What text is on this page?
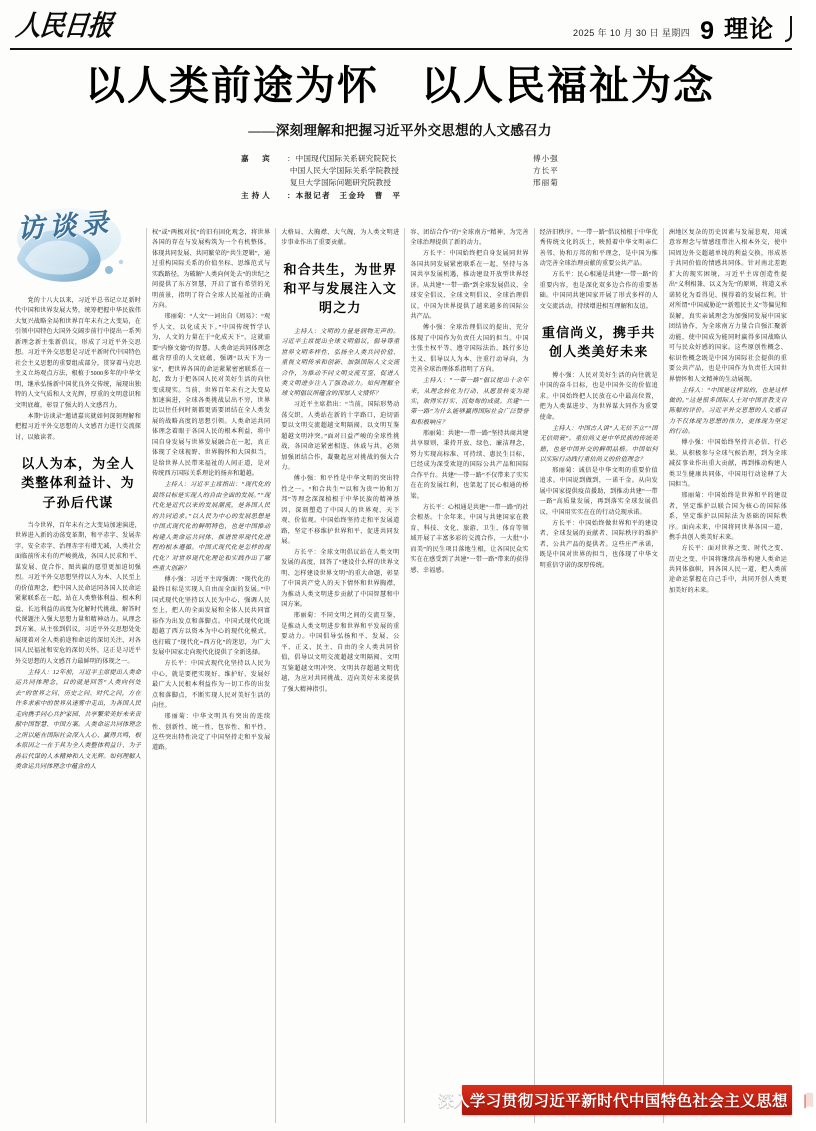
人民日报	2025 年 10 月 30 日 星期四 9 理论
以人类前途为怀　以人民福祉为念
——深刻理解和把握习近平外交思想的人文感召力
嘉　宾	： 中国现代国际关系研究院院长	傅小强

中国人民大学国际关系学院教授	方长平

复旦大学国际问题研究院教授	邢丽菊
主持人	： 本报记者　王金玲　曹　平
访谈录

党的十八大以来，习近平总书记立足新时代中国和世界发展大势，统筹把握中华民族伟大复兴战略全局和世界百年未有之大变局，在引领中国特色大国外交阔步前行中提出一系列新理念新主张新倡议，形成了习近平外交思想。习近平外交思想是习近平新时代中国特色社会主义思想的重要组成部分，贯穿着马克思主义立场观点方法，根植于5000多年的中华文明，继承弘扬新中国优良外交传统，展现出独特的人文气质和人文光辉，厚重的文明意识和文明底蕴，彰显了强大的人文感召力。

本期“访谈录”邀请嘉宾就如何深刻理解和把握习近平外交思想的人文感召力进行交流探讨，以飨读者。

以人为本，为全人类整体利益计、为子孙后代谋

当今世界，百年未有之大变局加速演进，世界进入新的动荡变革期，和平赤字、发展赤字、安全赤字、治理赤字有增无减，人类社会面临前所未有的严峻挑战，各国人民求和平、谋发展、促合作、图共赢的愿望更加迫切强烈。习近平外交思想坚持以人为本、人民至上的价值理念，把中国人民命运同各国人民命运紧紧联系在一起，站在人类整体利益、根本利益、长远利益的高度为化解时代挑战、解答时代课题注入强大思想力量和精神动力。从理念到方案、从主张到倡议，习近平外交思想处处展现着对全人类前途和命运的深切关注、对各国人民福祉和安危的深切关怀，这正是习近平外交思想的人文感召力最鲜明的体现之一。

主持人：12年前，习近平主席提出人类命运共同体理念，目的就是回答“人类向何处去”的世界之问、历史之问、时代之问，方在许多求索中的世界从迷雾中走出，为各国人民走向携手同心共护家园、共享繁荣美好未来贡献中国智慧、中国方案。人类命运共同体理念之所以能在国际社会深入人心、赢得共鸣，根本原因之一在于其为全人类整体利益计、为子孙后代谋的人本精神和人文光辉。如何理解人类命运共同体理念中蕴含的人

权”或“两极对抗”的旧有固化观念，将世界各国的存在与发展构筑为一个有机整体，体现共同发展、共同繁荣的“共生逻辑”，通过重构国际关系的价值坐标、思维范式与实践路径，为破解“人类向何处去”的世纪之问提供了东方智慧，开启了富有希望的光明前景，指明了符合全球人民福祉的正确方向。

邢丽菊：“人文”一词出自《周易》：“观乎人文，以化成天下。”中国传统哲学认为，人文的力量在于“化成天下”，这就需要“内修文德”的智慧。人类命运共同体理念蕴含厚重的人文底蕴，强调“以天下为一家”，把世界各国的命运紧紧密密联系在一起，致力于把各国人民对美好生活的向往变成现实。当前，世界百年未有之大变局加速演进，全球各类挑战层出不穷，世界比以往任何时刻都更需要团结在全人类发展的战略高度的思想引领。人类命运共同体理念着眼于各国人民的根本利益，将中国自身发展与世界发展融合在一起，真正体现了全球视野、世界胸怀和大国担当，是给世界人民带来福祉的人间正道，是对传统西方国际关系理论的扬弃和超越。

主持人：习近平主席指出：“现代化的最终目标是实现人的自由全面的发展。”“现代化是近代以来的发展潮流，是各国人民的共同追求。”以人民为中心的发展思想是中国式现代化的鲜明特色，也是中国推动构建人类命运共同体、推进世界现代化进程的根本遵循。中国式现代化是怎样的现代化？对世界现代化理论和实践作出了哪些重大创新？

傅小强：习近平主席强调：“现代化的最终目标是实现人自由而全面的发展。”中国式现代化坚持以人民为中心，强调人民至上，把人的全面发展和全体人民共同富裕作为出发点和落脚点。中国式现代化既超越了西方以资本为中心的现代化模式，也打破了“现代化=西方化”的迷思，为广大发展中国家走向现代化提供了全新选择。

方长平：中国式现代化坚持以人民为中心，就是要把实现好、维护好、发展好最广大人民根本利益作为一切工作的出发点和落脚点，不断实现人民对美好生活的向往。

邢丽菊：中华文明具有突出的连续性、创新性、统一性、包容性、和平性，这些突出特性决定了中国坚持走和平发展道路。

大格局、大胸襟、大气魄，为人类文明进步事业作出了重要贡献。

和合共生，为世界和平与发展注入文明之力

主持人：文明的力量是润物无声的。习近平主席提出全球文明倡议，倡导尊重世界文明多样性、弘扬全人类共同价值、重视文明传承和创新、加强国际人文交流合作，为推动不同文明交流互鉴、促进人类文明进步注入了强劲动力。如何理解全球文明倡议所蕴含的深厚人文情怀？

习近平主席指出：“当前，国际形势动荡交织，人类站在新的十字路口，迫切需要以文明交流超越文明隔阂、以文明互鉴超越文明冲突。”面对日益严峻的全球性挑战，各国命运紧密相连、休戚与共，必须加强团结合作，凝聚起应对挑战的强大合力。

傅小强：和平性是中华文明的突出特性之一。“和合共生”“以和为贵”“协和万邦”等理念深深植根于中华民族的精神基因，深刻塑造了中国人的世界观、天下观、价值观。中国始终坚持走和平发展道路，坚定不移维护世界和平、促进共同发展。

方长平：全球文明倡议站在人类文明发展的高度，回答了“建设什么样的世界文明、怎样建设世界文明”的重大命题，彰显了中国共产党人的天下情怀和世界胸襟，为推动人类文明进步贡献了中国智慧和中国方案。

邢丽菊：不同文明之间的交流互鉴，是推动人类文明进步和世界和平发展的重要动力。中国倡导弘扬和平、发展、公平、正义、民主、自由的全人类共同价值，倡导以文明交流超越文明隔阂、文明互鉴超越文明冲突、文明共存超越文明优越，为应对共同挑战、迈向美好未来提供了强大精神指引。

容、团结合作”的“全球南方”精神，为完善全球治理提供了新的动力。

方长平：中国始终把自身发展同世界各国共同发展紧密联系在一起，坚持与各国共享发展机遇，推动建设开放型世界经济。从共建“一带一路”到全球发展倡议、全球安全倡议、全球文明倡议、全球治理倡议，中国为世界提供了越来越多的国际公共产品。

傅小强：全球治理倡议的提出，充分体现了中国作为负责任大国的担当。中国主张主权平等、遵守国际法治、践行多边主义、倡导以人为本、注重行动导向，为完善全球治理体系指明了方向。

主持人：“一带一路”倡议提出十余年来，从理念转化为行动、从愿景转变为现实，取得实打实、沉甸甸的成就。共建“一带一路”为什么能够赢得国际社会广泛赞誉和积极响应？

邢丽菊：共建“一带一路”坚持共商共建共享原则，秉持开放、绿色、廉洁理念，努力实现高标准、可持续、惠民生目标，已经成为深受欢迎的国际公共产品和国际合作平台。共建“一带一路”不仅带来了实实在在的发展红利，也架起了民心相通的桥梁。

方长平：心相通是共建“一带一路”的社会根基。十余年来，中国与共建国家在教育、科技、文化、旅游、卫生、体育等领域开展了丰富多彩的交流合作，一大批“小而美”的民生项目落地生根，让各国民众实实在在感受到了共建“一带一路”带来的获得感、幸福感。

经济旧秩序。“一带一路”倡议植根于中华优秀传统文化的沃土，映照着中华文明亲仁善邻、协和万邦的和平理念，是中国为推动完善全球治理贡献的重要公共产品。

方长平：民心相通是共建“一带一路”的重要内容，也是深化双多边合作的重要基础。中国同共建国家开展了形式多样的人文交流活动，持续增进相互理解和友谊。

重信尚义，携手共创人类美好未来

傅小强：人民对美好生活的向往就是中国的奋斗目标，也是中国外交的价值追求。中国始终把人民放在心中最高位置，把为人类谋进步、为世界谋大同作为重要使命。

主持人：中国古人讲“人无信不立”“国无信则衰”。重信尚义是中华民族的传统美德，也是中国外交的鲜明品格。中国如何以实际行动践行重信尚义的价值理念？

邢丽菊：诚信是中华文明的重要价值追求。中国说到做到，一诺千金。从向发展中国家提供疫苗援助，到推动共建“一带一路”高质量发展，再到落实全球发展倡议，中国用实实在在的行动兑现承诺。

方长平：中国始终做世界和平的建设者、全球发展的贡献者、国际秩序的维护者、公共产品的提供者。这些庄严承诺，既是中国对世界的担当，也体现了中华文明重信守诺的深厚传统。

洲地区复杂的历史因素与发展悲观，用诚意容理念与情感纽带注入根本外交，使中国周边外交超越单纯的利益交换，形成基于共同价值的情感共同体。针对南北差距扩大的现实困境，习近平主席创造性提出“义利相兼、以义为先”的原则，将道义承诺转化为看得见、摸得着的发展红利。针对所谓“中国威胁论”“新殖民主义”等偏见和误解，真实亲诚理念为加强同发展中国家团结协作，为全球南方力量合自强汇聚新动能，使中国成为能同时赢得多国战略认可与民众好感的国家。这些原创性概念、标识性概念既是中国为国际社会提供的重要公共产品，也是中国作为负责任大国世界情怀和人文精神的生动展现。

主持人：“中国是这样说的，也是这样做的。”这是很多国际人士对中国言教支自陈解的评价。习近平外交思想的人文感召力不仅体现为思想的伟力，更体现为坚定的行动。

傅小强：中国始终坚持言必信、行必果。从积极参与全球气候治理，到为全球减贫事业作出重大贡献，再到推动构建人类卫生健康共同体，中国用行动诠释了大国担当。

邢丽菊：中国始终是世界和平的建设者，坚定维护以联合国为核心的国际体系，坚定维护以国际法为基础的国际秩序。面向未来，中国将同世界各国一道，携手共创人类美好未来。

方长平：面对世界之变、时代之变、历史之变，中国将继续高举构建人类命运共同体旗帜，同各国人民一道，把人类前途命运掌握在自己手中，共同开创人类更加美好的未来。

深入学习贯彻习近平新时代中国特色社会主义思想
